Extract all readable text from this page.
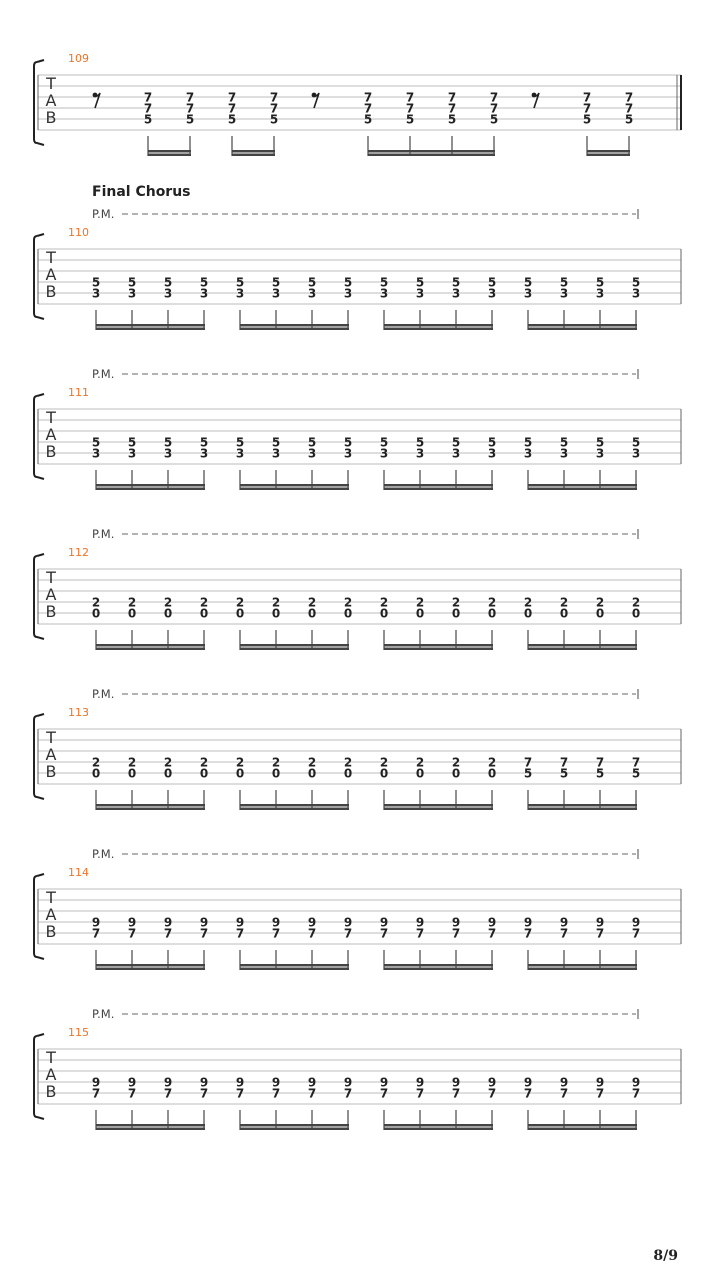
109
T
A
B
7
7
5
7
7
5
7
7
5
7
7
5
7
7
5
7
7
5
7
7
5
7
7
5
7
7
5
7
7
5
Final Chorus
P.M.
110
T
A
B	5
3
5
3
5
3
5
3
5
3
5
3
5
3
5
3
5
3
5
3
5
3
5
3
5
3
5
3
5
3
5
3
P.M.
111
T
A
B	5
3
5
3
5
3
5
3
5
3
5
3
5
3
5
3
5
3
5
3
5
3
5
3
5
3
5
3
5
3
5
3
P.M.
112
T
A
B	2
0
2
0
2
0
2
0
2
0
2
0
2
0
2
0
2
0
2
0
2
0
2
0
2
0
2
0
2
0
2
0
P.M.
113
T
A
B	2
0
2
0
2
0
2
0
2
0
2
0
2
0
2
0
2
0
2
0
2
0
2
0
7
5
7
5
7
5
7
5
P.M.
114
T
A
B	9
7
9
7
9
7
9
7
9
7
9
7
9
7
9
7
9
7
9
7
9
7
9
7
9
7
9
7
9
7
9
7
P.M.
115
T
A
B	9
7
9
7
9
7
9
7
9
7
9
7
9
7
9
7
9
7
9
7
9
7
9
7
9
7
9
7
9
7
9
7
8/9
